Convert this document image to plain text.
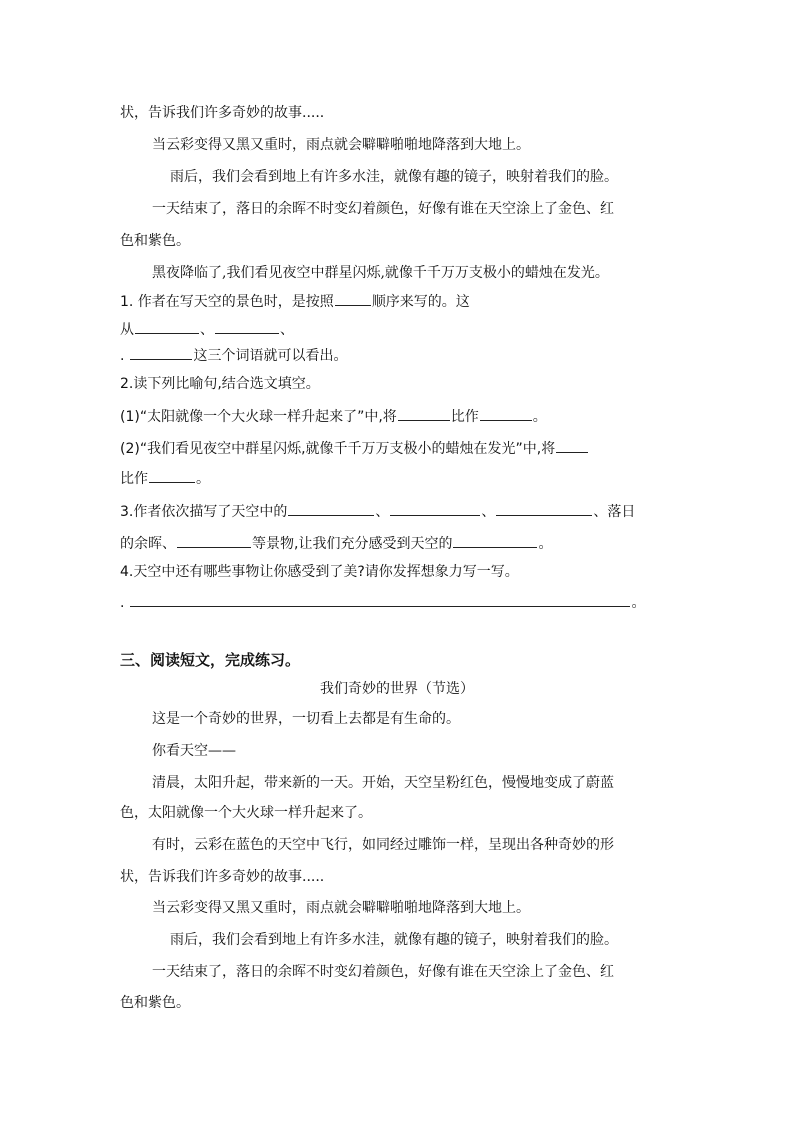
状，告诉我们许多奇妙的故事.....
当云彩变得又黑又重时，雨点就会噼噼啪啪地降落到大地上。
雨后，我们会看到地上有许多水洼，就像有趣的镜子，映射着我们的脸。
一天结束了，落日的余晖不时变幻着颜色，好像有谁在天空涂上了金色、红
色和紫色。
黑夜降临了,我们看见夜空中群星闪烁,就像千千万万支极小的蜡烛在发光。
1. 作者在写天空的景色时，是按照	顺序来写的。这
从	、	、
.	这三个词语就可以看出。
2.读下列比喻句,结合选文填空。
(1)“太阳就像一个大火球一样升起来了”中,将	比作	。
(2)“我们看见夜空中群星闪烁,就像千千万万支极小的蜡烛在发光”中,将
比作	。
3.作者依次描写了天空中的	、	、	、落日
的余晖、	等景物,让我们充分感受到天空的	。
4.天空中还有哪些事物让你感受到了美?请你发挥想象力写一写。
.	。
三、阅读短文，完成练习。
我们奇妙的世界（节选）
这是一个奇妙的世界，一切看上去都是有生命的。
你看天空——
清晨，太阳升起，带来新的一天。开始，天空呈粉红色，慢慢地变成了蔚蓝
色，太阳就像一个大火球一样升起来了。
有时，云彩在蓝色的天空中飞行，如同经过雕饰一样，呈现出各种奇妙的形
状，告诉我们许多奇妙的故事.....
当云彩变得又黑又重时，雨点就会噼噼啪啪地降落到大地上。
雨后，我们会看到地上有许多水洼，就像有趣的镜子，映射着我们的脸。
一天结束了，落日的余晖不时变幻着颜色，好像有谁在天空涂上了金色、红
色和紫色。
